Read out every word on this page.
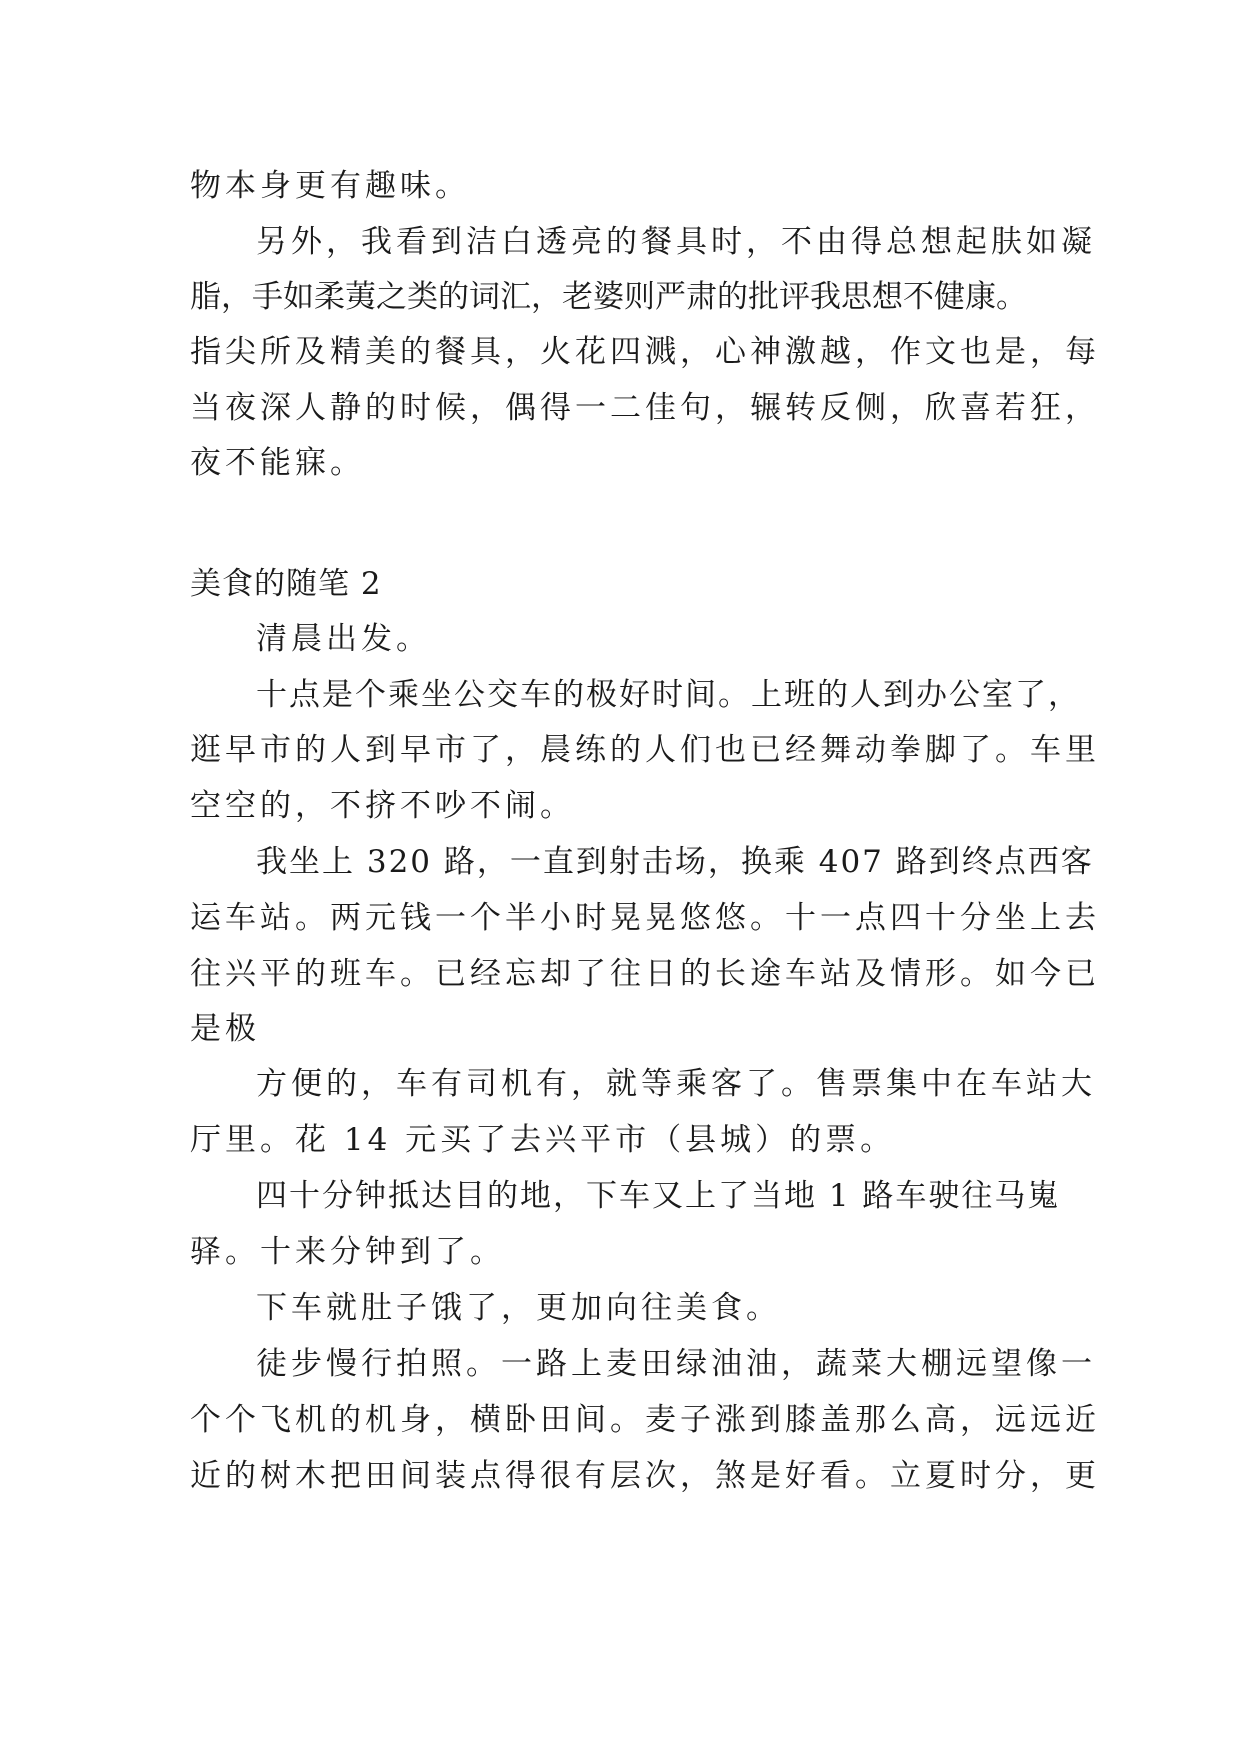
物本身更有趣味。
另外，我看到洁白透亮的餐具时，不由得总想起肤如凝
脂，手如柔荑之类的词汇，老婆则严肃的批评我思想不健康。
指尖所及精美的餐具，火花四溅，心神激越，作文也是，每
当夜深人静的时候，偶得一二佳句，辗转反侧，欣喜若狂，
夜不能寐。
美食的随笔 2
清晨出发。
十点是个乘坐公交车的极好时间。上班的人到办公室了，
逛早市的人到早市了，晨练的人们也已经舞动拳脚了。车里
空空的，不挤不吵不闹。
我坐上 320 路，一直到射击场，换乘 407 路到终点西客
运车站。两元钱一个半小时晃晃悠悠。十一点四十分坐上去
往兴平的班车。已经忘却了往日的长途车站及情形。如今已
是极
方便的，车有司机有，就等乘客了。售票集中在车站大
厅里。花 14 元买了去兴平市（县城）的票。
四十分钟抵达目的地，下车又上了当地 1 路车驶往马嵬
驿。十来分钟到了。
下车就肚子饿了，更加向往美食。
徒步慢行拍照。一路上麦田绿油油，蔬菜大棚远望像一
个个飞机的机身，横卧田间。麦子涨到膝盖那么高，远远近
近的树木把田间装点得很有层次，煞是好看。立夏时分，更
